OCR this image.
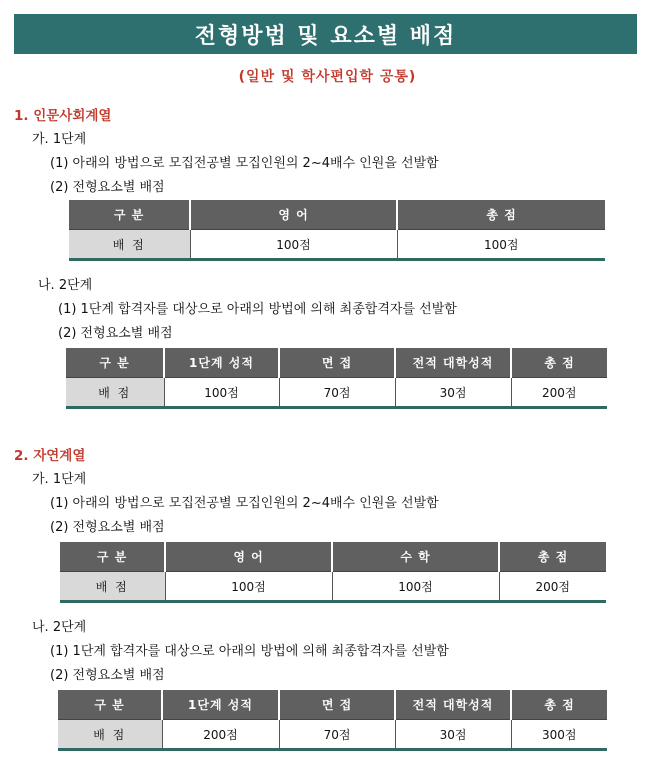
전형방법 및 요소별 배점
(일반 및 학사편입학 공통)
1. 인문사회계열
가. 1단계
(1) 아래의 방법으로 모집전공별 모집인원의 2~4배수 인원을 선발함
(2) 전형요소별 배점
구 분	영 어	총 점
배 점	100점	100점
나. 2단계
(1) 1단계 합격자를 대상으로 아래의 방법에 의해 최종합격자를 선발함
(2) 전형요소별 배점
구 분	1단계 성적	면 접	전적 대학성적	총 점
배 점	100점	70점	30점	200점
2. 자연계열
가. 1단계
(1) 아래의 방법으로 모집전공별 모집인원의 2~4배수 인원을 선발함
(2) 전형요소별 배점
구 분	영 어	수 학	총 점
배 점	100점	100점	200점
나. 2단계
(1) 1단계 합격자를 대상으로 아래의 방법에 의해 최종합격자를 선발함
(2) 전형요소별 배점
구 분	1단계 성적	면 접	전적 대학성적	총 점
배 점	200점	70점	30점	300점
